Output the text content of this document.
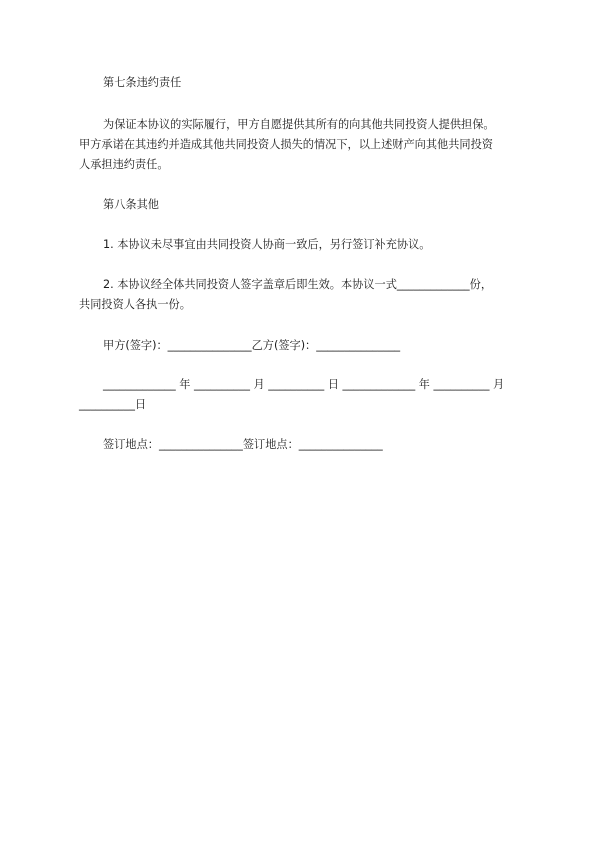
第七条违约责任
为保证本协议的实际履行，甲方自愿提供其所有的向其他共同投资人提供担保。
甲方承诺在其违约并造成其他共同投资人损失的情况下，以上述财产向其他共同投资
人承担违约责任。
第八条其他
1. 本协议未尽事宜由共同投资人协商一致后，另行签订补充协议。
2. 本协议经全体共同投资人签字盖章后即生效。本协议一式_____________份，
共同投资人各执一份。
甲方(签字)：_______________乙方(签字)：_______________
_____________ 年 __________ 月 __________ 日 _____________ 年 __________ 月
__________日
签订地点：_______________签订地点：_______________
